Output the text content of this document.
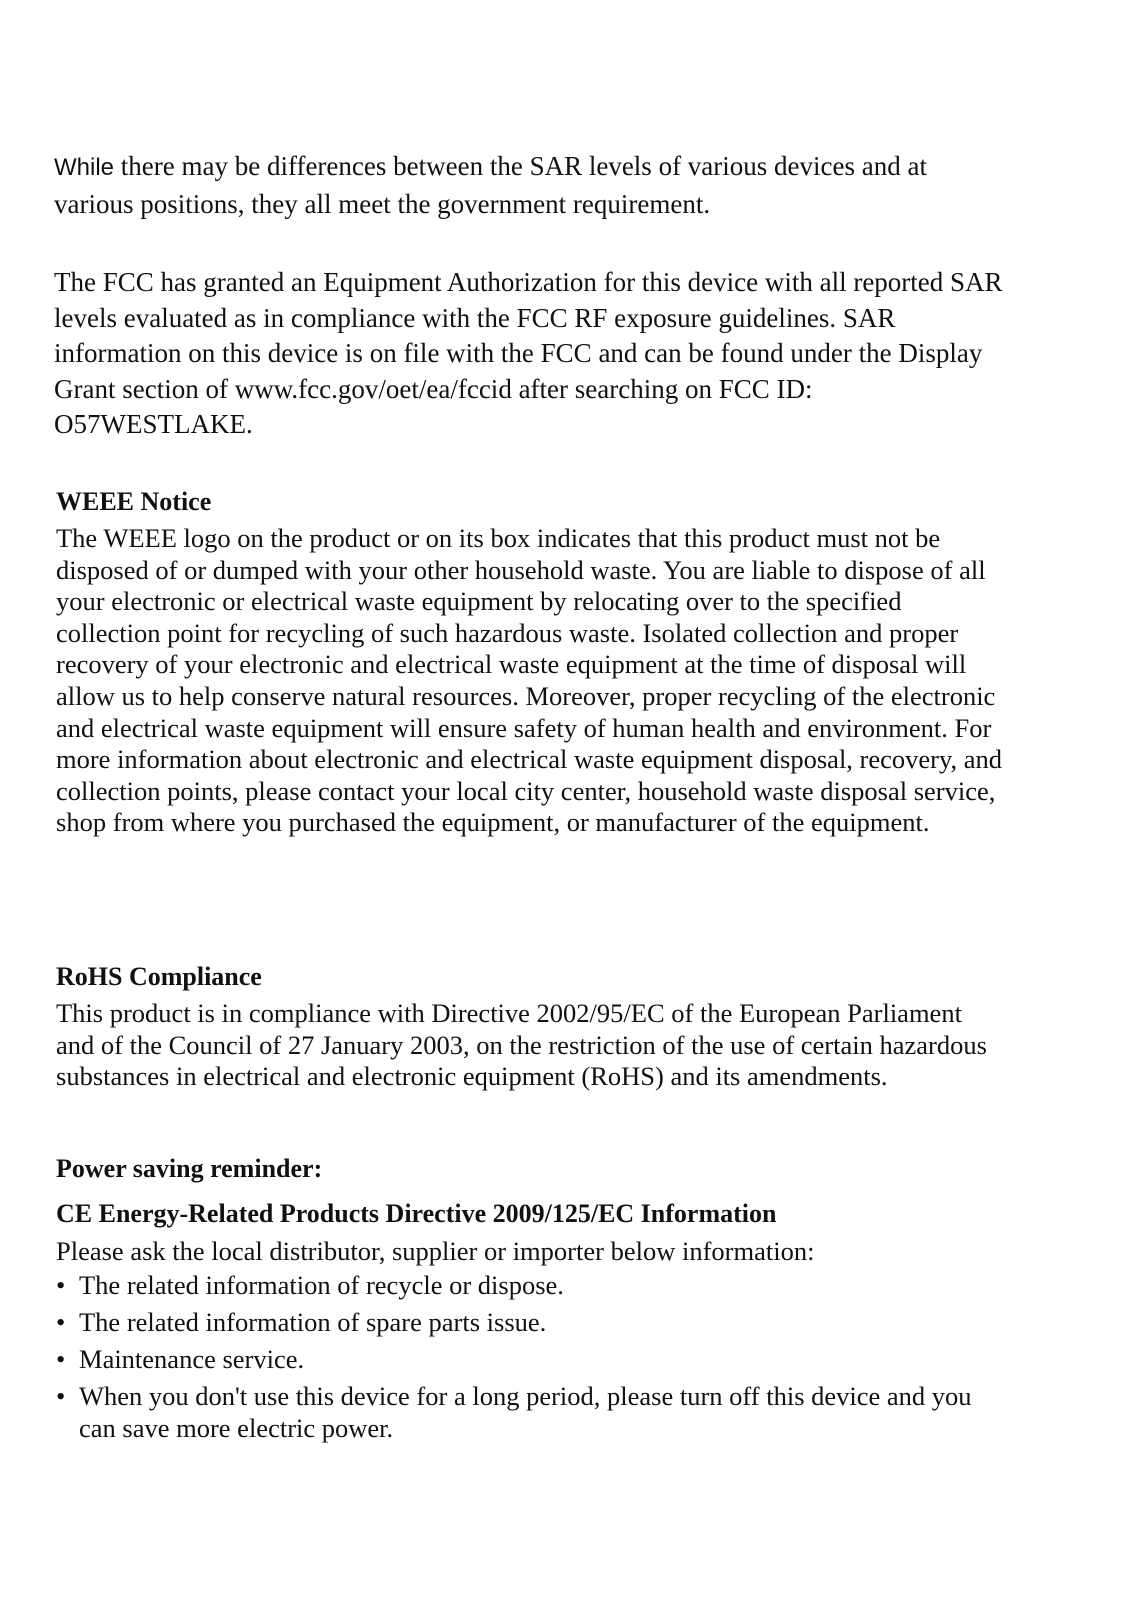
While there may be differences between the SAR levels of various devices and at various positions, they all meet the government requirement.

The FCC has granted an Equipment Authorization for this device with all reported SAR levels evaluated as in compliance with the FCC RF exposure guidelines. SAR information on this device is on file with the FCC and can be found under the Display Grant section of www.fcc.gov/oet/ea/fccid after searching on FCC ID: O57WESTLAKE.

WEEE Notice

The WEEE logo on the product or on its box indicates that this product must not be disposed of or dumped with your other household waste. You are liable to dispose of all your electronic or electrical waste equipment by relocating over to the specified collection point for recycling of such hazardous waste. Isolated collection and proper recovery of your electronic and electrical waste equipment at the time of disposal will allow us to help conserve natural resources. Moreover, proper recycling of the electronic and electrical waste equipment will ensure safety of human health and environment. For more information about electronic and electrical waste equipment disposal, recovery, and collection points, please contact your local city center, household waste disposal service, shop from where you purchased the equipment, or manufacturer of the equipment.

RoHS Compliance

This product is in compliance with Directive 2002/95/EC of the European Parliament and of the Council of 27 January 2003, on the restriction of the use of certain hazardous substances in electrical and electronic equipment (RoHS) and its amendments.

Power saving reminder:
CE Energy-Related Products Directive 2009/125/EC Information

Please ask the local distributor, supplier or importer below information:

• The related information of recycle or dispose.
• The related information of spare parts issue.
• Maintenance service.
• When you don't use this device for a long period, please turn off this device and you can save more electric power.
